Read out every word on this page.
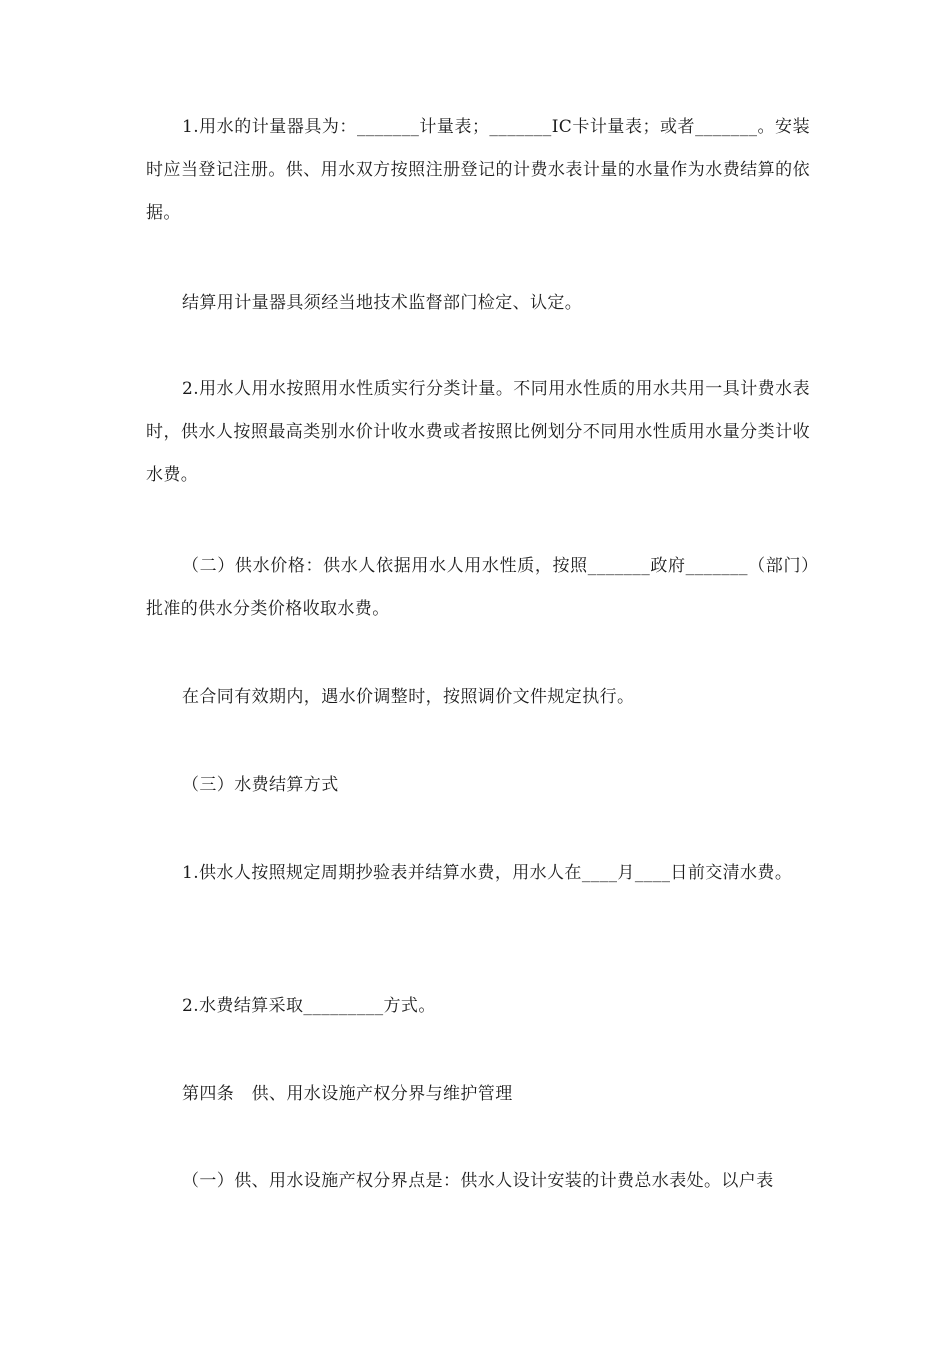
1.用水的计量器具为：_______计量表；_______IC卡计量表；或者_______。安装时应当登记注册。供、用水双方按照注册登记的计费水表计量的水量作为水费结算的依据。

结算用计量器具须经当地技术监督部门检定、认定。

2.用水人用水按照用水性质实行分类计量。不同用水性质的用水共用一具计费水表时，供水人按照最高类别水价计收水费或者按照比例划分不同用水性质用水量分类计收水费。

（二）供水价格：供水人依据用水人用水性质，按照_______政府_______（部门）批准的供水分类价格收取水费。

在合同有效期内，遇水价调整时，按照调价文件规定执行。

（三）水费结算方式

1.供水人按照规定周期抄验表并结算水费，用水人在____月____日前交清水费。

2.水费结算采取_________方式。

第四条　供、用水设施产权分界与维护管理

（一）供、用水设施产权分界点是：供水人设计安装的计费总水表处。以户表
